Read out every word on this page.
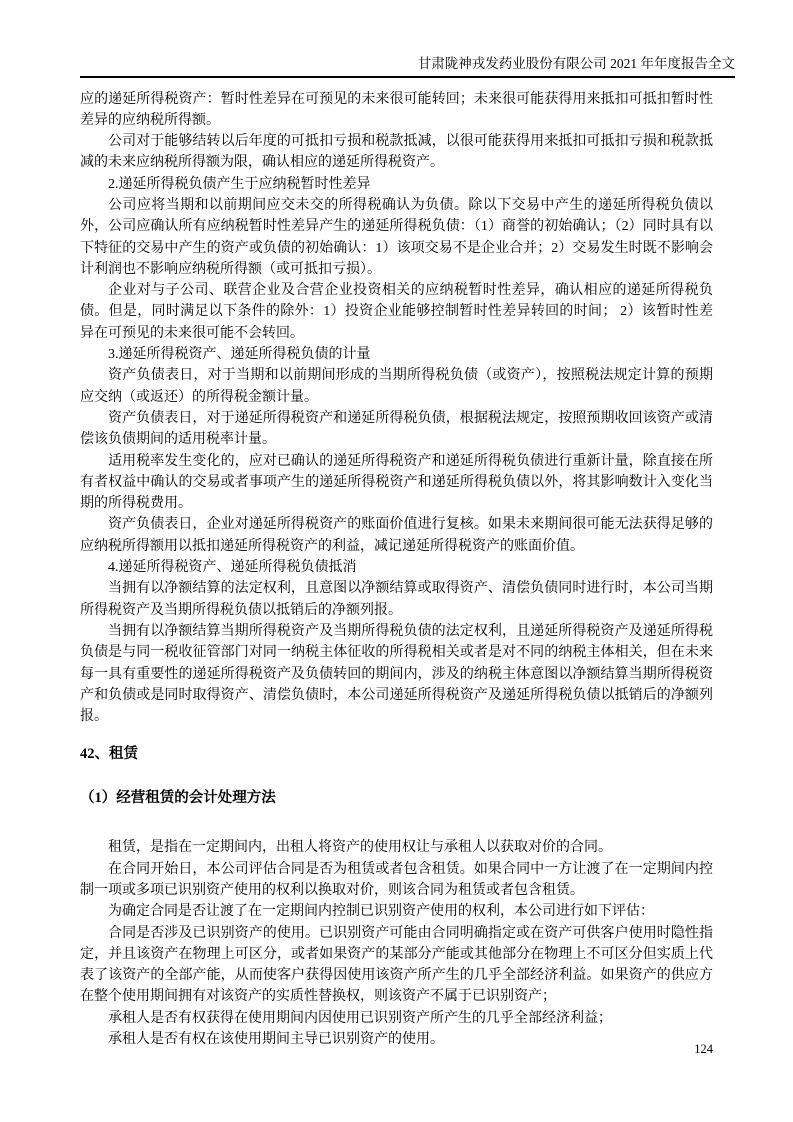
甘肃陇神戎发药业股份有限公司 2021 年年度报告全文

应的递延所得税资产：暂时性差异在可预见的未来很可能转回；未来很可能获得用来抵扣可抵扣暂时性差异的应纳税所得额。

公司对于能够结转以后年度的可抵扣亏损和税款抵减，以很可能获得用来抵扣可抵扣亏损和税款抵减的未来应纳税所得额为限，确认相应的递延所得税资产。

2.递延所得税负债产生于应纳税暂时性差异

公司应将当期和以前期间应交未交的所得税确认为负债。除以下交易中产生的递延所得税负债以外，公司应确认所有应纳税暂时性差异产生的递延所得税负债：（1）商誉的初始确认；（2）同时具有以下特征的交易中产生的资产或负债的初始确认：1）该项交易不是企业合并；2）交易发生时既不影响会计利润也不影响应纳税所得额（或可抵扣亏损）。

企业对与子公司、联营企业及合营企业投资相关的应纳税暂时性差异，确认相应的递延所得税负债。但是，同时满足以下条件的除外：1）投资企业能够控制暂时性差异转回的时间； 2）该暂时性差异在可预见的未来很可能不会转回。

3.递延所得税资产、递延所得税负债的计量

资产负债表日，对于当期和以前期间形成的当期所得税负债（或资产），按照税法规定计算的预期应交纳（或返还）的所得税金额计量。

资产负债表日，对于递延所得税资产和递延所得税负债，根据税法规定，按照预期收回该资产或清偿该负债期间的适用税率计量。

适用税率发生变化的，应对已确认的递延所得税资产和递延所得税负债进行重新计量，除直接在所有者权益中确认的交易或者事项产生的递延所得税资产和递延所得税负债以外，将其影响数计入变化当期的所得税费用。

资产负债表日，企业对递延所得税资产的账面价值进行复核。如果未来期间很可能无法获得足够的应纳税所得额用以抵扣递延所得税资产的利益，减记递延所得税资产的账面价值。

4.递延所得税资产、递延所得税负债抵消

当拥有以净额结算的法定权利，且意图以净额结算或取得资产、清偿负债同时进行时，本公司当期所得税资产及当期所得税负债以抵销后的净额列报。

当拥有以净额结算当期所得税资产及当期所得税负债的法定权利，且递延所得税资产及递延所得税负债是与同一税收征管部门对同一纳税主体征收的所得税相关或者是对不同的纳税主体相关，但在未来每一具有重要性的递延所得税资产及负债转回的期间内，涉及的纳税主体意图以净额结算当期所得税资产和负债或是同时取得资产、清偿负债时，本公司递延所得税资产及递延所得税负债以抵销后的净额列报。

42、租赁
（1）经营租赁的会计处理方法

租赁，是指在一定期间内，出租人将资产的使用权让与承租人以获取对价的合同。

在合同开始日，本公司评估合同是否为租赁或者包含租赁。如果合同中一方让渡了在一定期间内控制一项或多项已识别资产使用的权利以换取对价，则该合同为租赁或者包含租赁。

为确定合同是否让渡了在一定期间内控制已识别资产使用的权利，本公司进行如下评估：

合同是否涉及已识别资产的使用。已识别资产可能由合同明确指定或在资产可供客户使用时隐性指定，并且该资产在物理上可区分，或者如果资产的某部分产能或其他部分在物理上不可区分但实质上代表了该资产的全部产能，从而使客户获得因使用该资产所产生的几乎全部经济利益。如果资产的供应方在整个使用期间拥有对该资产的实质性替换权，则该资产不属于已识别资产；

承租人是否有权获得在使用期间内因使用已识别资产所产生的几乎全部经济利益；

承租人是否有权在该使用期间主导已识别资产的使用。

124
